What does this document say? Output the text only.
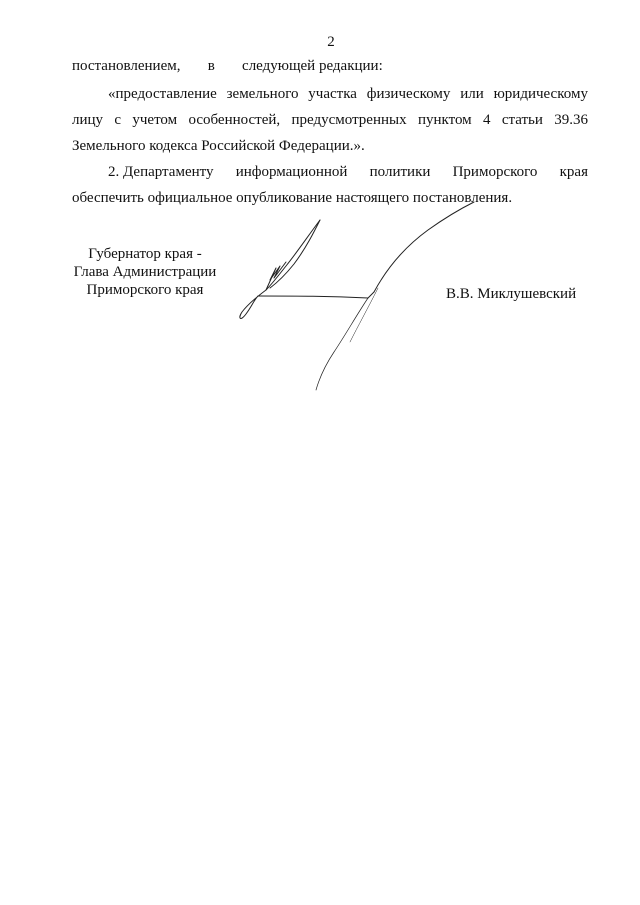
2
постановлением, в следующей редакции:
«предоставление земельного участка физическому или юридическому
лицу с учетом особенностей, предусмотренных пунктом 4 статьи 39.36
Земельного кодекса Российской Федерации.».
2. Департаменту информационной политики Приморского края
обеспечить официальное опубликование настоящего постановления.
Губернатор края -
Глава Администрации
Приморского края	В.В. Миклушевский
